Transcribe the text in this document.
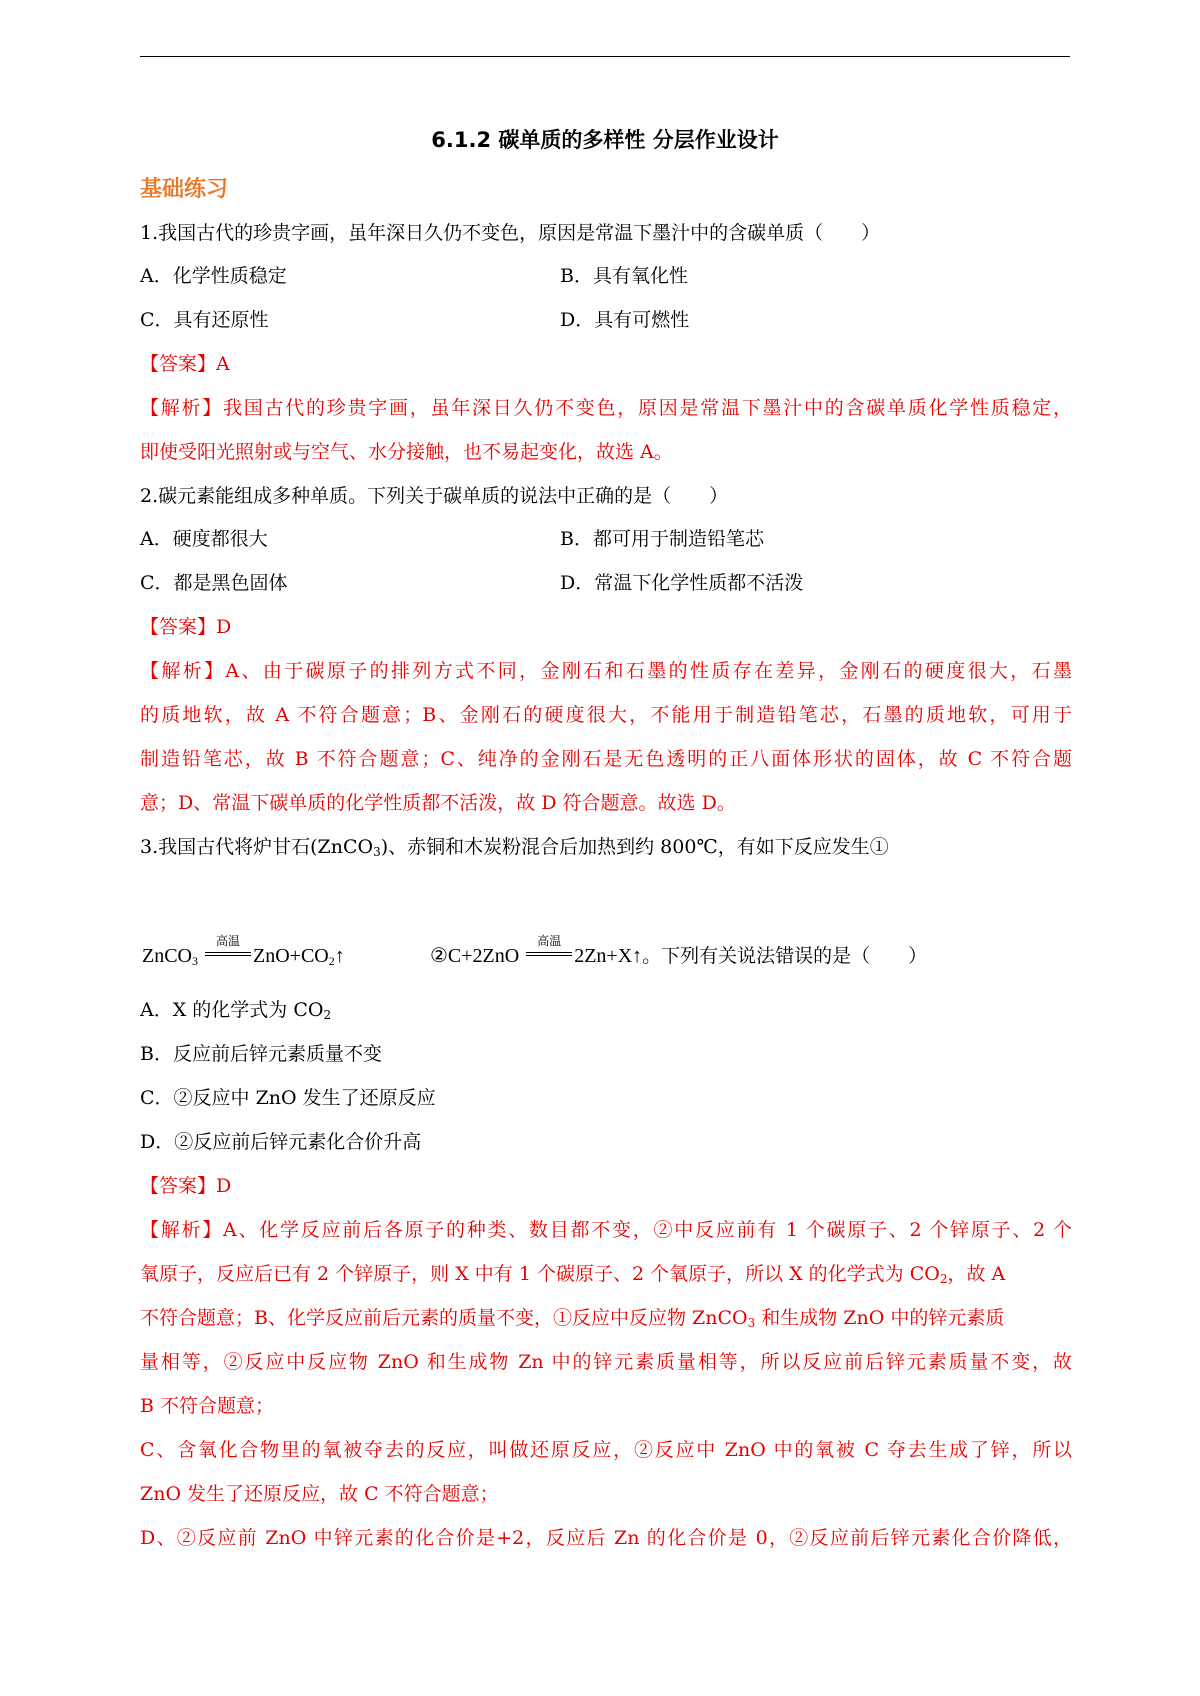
6.1.2 碳单质的多样性 分层作业设计
基础练习
1.我国古代的珍贵字画，虽年深日久仍不变色，原因是常温下墨汁中的含碳单质（　　）
A．化学性质稳定	B．具有氧化性
C．具有还原性	D．具有可燃性
【答案】A
【解析】我国古代的珍贵字画，虽年深日久仍不变色，原因是常温下墨汁中的含碳单质化学性质稳定，
即使受阳光照射或与空气、水分接触，也不易起变化，故选 A。
2.碳元素能组成多种单质。下列关于碳单质的说法中正确的是（　　）
A．硬度都很大	B．都可用于制造铅笔芯
C．都是黑色固体	D．常温下化学性质都不活泼
【答案】D
【解析】A、由于碳原子的排列方式不同，金刚石和石墨的性质存在差异，金刚石的硬度很大，石墨
的质地软，故 A 不符合题意；B、金刚石的硬度很大，不能用于制造铅笔芯，石墨的质地软，可用于
制造铅笔芯，故 B 不符合题意；C、纯净的金刚石是无色透明的正八面体形状的固体，故 C 不符合题
意；D、常温下碳单质的化学性质都不活泼，故 D 符合题意。故选 D。
3.我国古代将炉甘石(ZnCO$_3$)、赤铜和木炭粉混合后加热到约 800℃，有如下反应发生①
ZnCO$_3$
高温
$ZnO+CO_2↑$	②C+2ZnO
高温
2Zn+X↑。下列有关说法错误的是（　　）
A．X 的化学式为 $CO_2$
B．反应前后锌元素质量不变
C．②反应中 ZnO 发生了还原反应
D．②反应前后锌元素化合价升高
【答案】D
【解析】A、化学反应前后各原子的种类、数目都不变，②中反应前有 1 个碳原子、2 个锌原子、2 个
氧原子，反应后已有 2 个锌原子，则 X 中有 1 个碳原子、2 个氧原子，所以 X 的化学式为 $CO_2$，故 A
不符合题意；B、化学反应前后元素的质量不变，①反应中反应物 ZnCO$_3$ 和生成物 ZnO 中的锌元素质
量相等，②反应中反应物 ZnO 和生成物 Zn 中的锌元素质量相等，所以反应前后锌元素质量不变，故
B 不符合题意；
C、含氧化合物里的氧被夺去的反应，叫做还原反应，②反应中 ZnO 中的氧被 C 夺去生成了锌，所以
ZnO 发生了还原反应，故 C 不符合题意；
D、②反应前 ZnO 中锌元素的化合价是+2，反应后 Zn 的化合价是 0，②反应前后锌元素化合价降低，
